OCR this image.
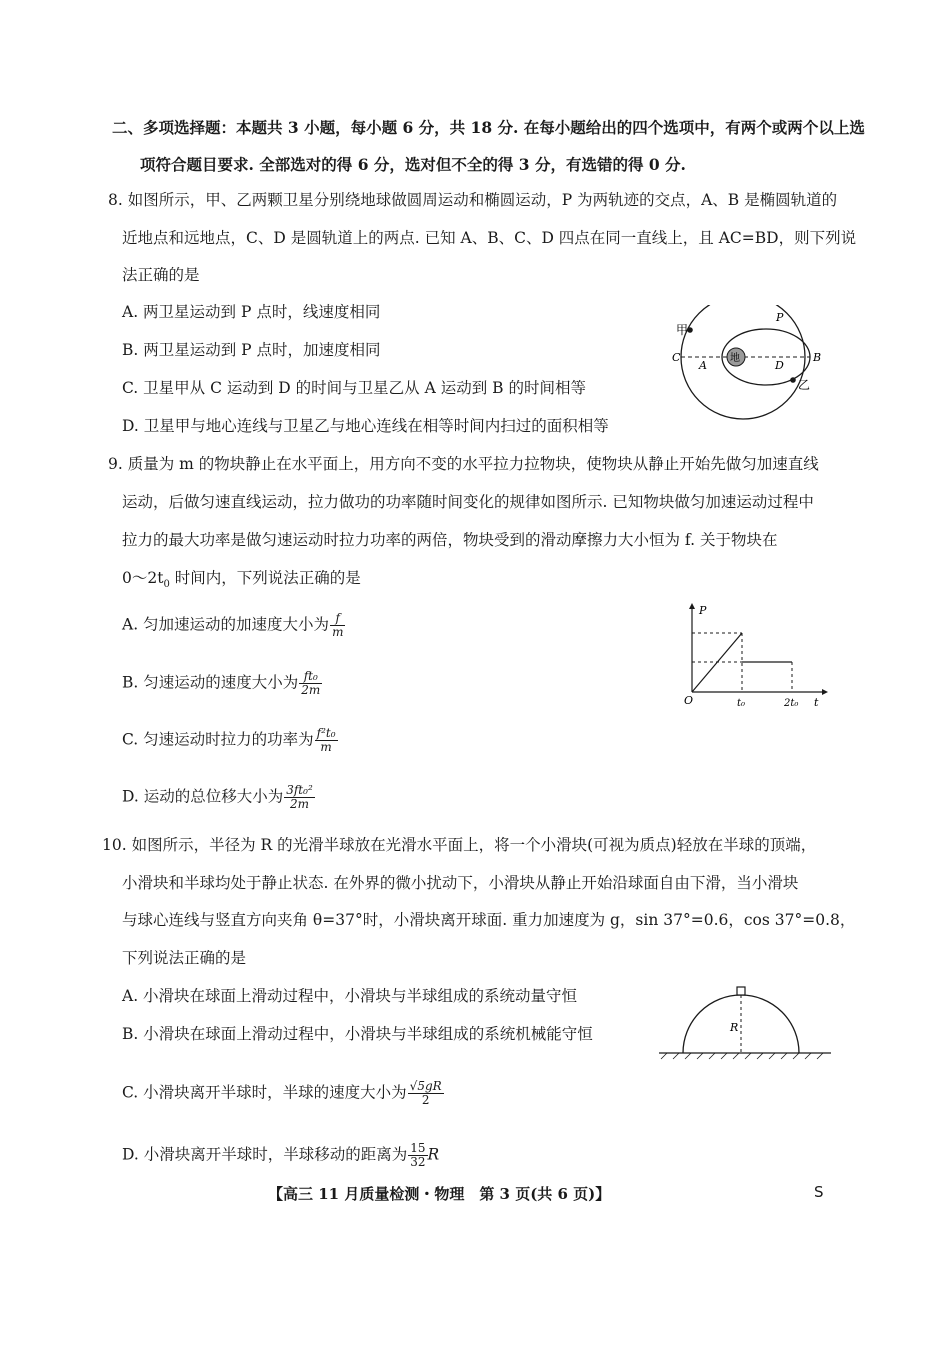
二、多项选择题：本题共 3 小题，每小题 6 分，共 18 分. 在每小题给出的四个选项中，有两个或两个以上选
项符合题目要求. 全部选对的得 6 分，选对但不全的得 3 分，有选错的得 0 分.
8. 如图所示，甲、乙两颗卫星分别绕地球做圆周运动和椭圆运动，P 为两轨迹的交点，A、B 是椭圆轨道的
近地点和远地点，C、D 是圆轨道上的两点. 已知 A、B、C、D 四点在同一直线上，且 AC=BD，则下列说
法正确的是
A. 两卫星运动到 P 点时，线速度相同
B. 两卫星运动到 P 点时，加速度相同
C. 卫星甲从 C 运动到 D 的时间与卫星乙从 A 运动到 B 的时间相等
D. 卫星甲与地心连线与卫星乙与地心连线在相等时间内扫过的面积相等
地
甲
乙
P
C	B
A	D
9. 质量为 m 的物块静止在水平面上，用方向不变的水平拉力拉物块，使物块从静止开始先做匀加速直线
运动，后做匀速直线运动，拉力做功的功率随时间变化的规律如图所示. 已知物块做匀加速运动过程中
拉力的最大功率是做匀速运动时拉力功率的两倍，物块受到的滑动摩擦力大小恒为 f. 关于物块在
$0\sim 2t_0$ 时间内，下列说法正确的是
A. 匀加速运动的加速度大小为 $\frac{f}{m}$
B. 匀速运动的速度大小为 $\frac{\text{ft₀}}{2m}$
C. 匀速运动时拉力的功率为 $\frac{\text{f²t₀}}{m}$
D. 运动的总位移大小为 $\frac{\text{3ft₀²}}{2m}$
P
O	t₀	2t₀ t
10. 如图所示，半径为 R 的光滑半球放在光滑水平面上，将一个小滑块(可视为质点)轻放在半球的顶端，
小滑块和半球均处于静止状态. 在外界的微小扰动下，小滑块从静止开始沿球面自由下滑，当小滑块
与球心连线与竖直方向夹角 θ=37°时，小滑块离开球面. 重力加速度为 g，sin 37°=0.6，cos 37°=0.8，
下列说法正确的是
A. 小滑块在球面上滑动过程中，小滑块与半球组成的系统动量守恒
B. 小滑块在球面上滑动过程中，小滑块与半球组成的系统机械能守恒
C. 小滑块离开半球时，半球的速度大小为 $\frac{√5gR}{2}$
D. 小滑块离开半球时，半球移动的距离为 $\frac{15}{32}$ R
R
【高三 11 月质量检测・物理　第 3 页(共 6 页)】	S
